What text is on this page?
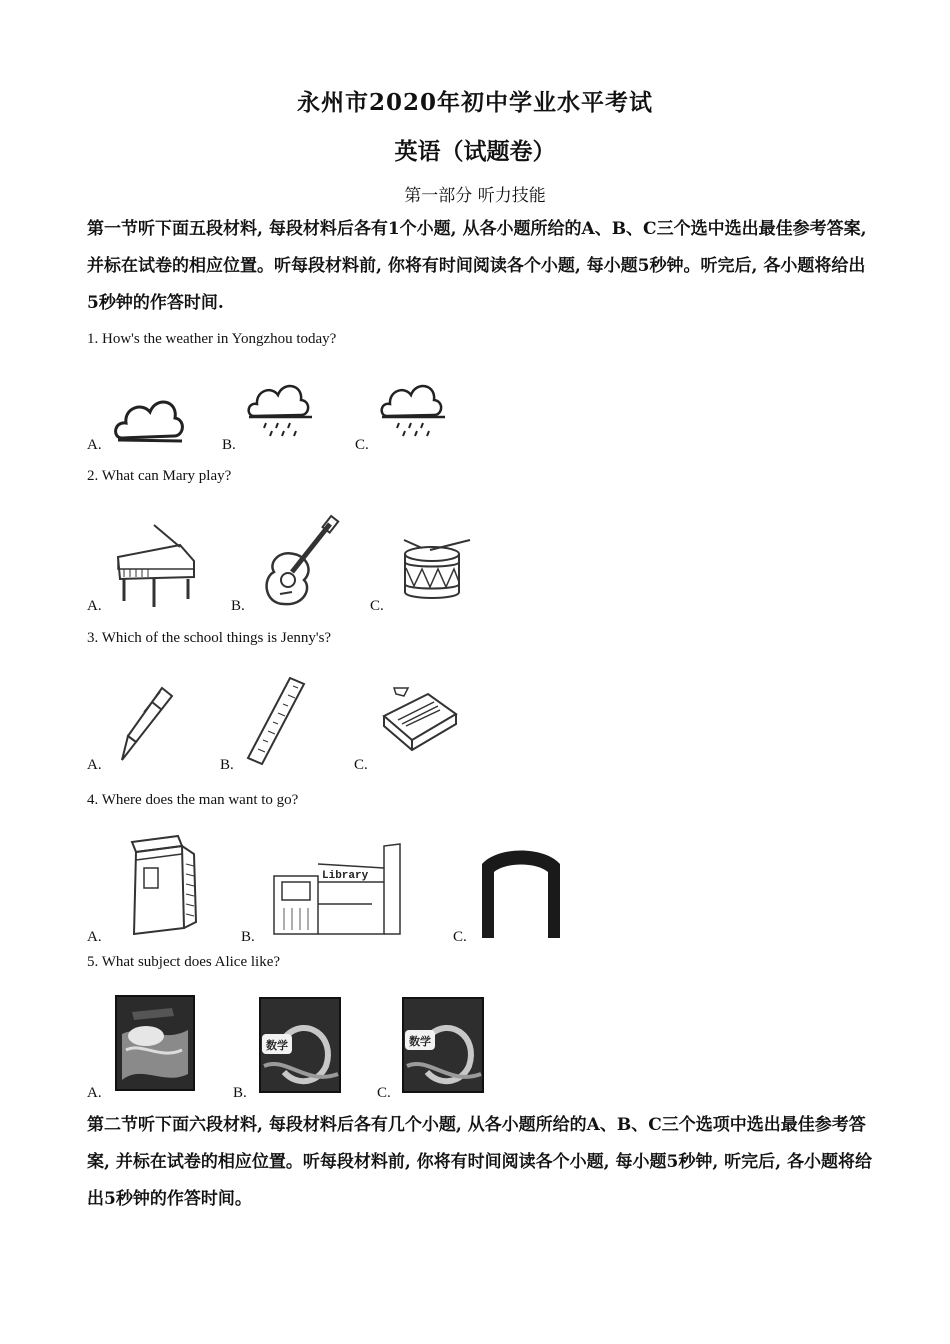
永州市2020年初中学业水平考试
英语（试题卷）
第一部分 听力技能
第一节听下面五段材料, 每段材料后各有1个小题, 从各小题所给的A、B、C三个选中选出最佳参考答案, 并标在试卷的相应位置。听每段材料前, 你将有时间阅读各个小题, 每小题5秒钟。听完后, 各小题将给出5秒钟的作答时间.
1. How's the weather in Yongzhou today?
A.	B.	C.
2. What can Mary play?
A.	B.	C.
3. Which of the school things is Jenny's?
A.	B.	C.
4. Where does the man want to go?
A.	B.
Library
C.
5. What subject does Alice like?
A.	B.
数学
C.
数学
第二节听下面六段材料, 每段材料后各有几个小题, 从各小题所给的A、B、C三个选项中选出最佳参考答案, 并标在试卷的相应位置。听每段材料前, 你将有时间阅读各个小题, 每小题5秒钟, 听完后, 各小题将给出5秒钟的作答时间。
